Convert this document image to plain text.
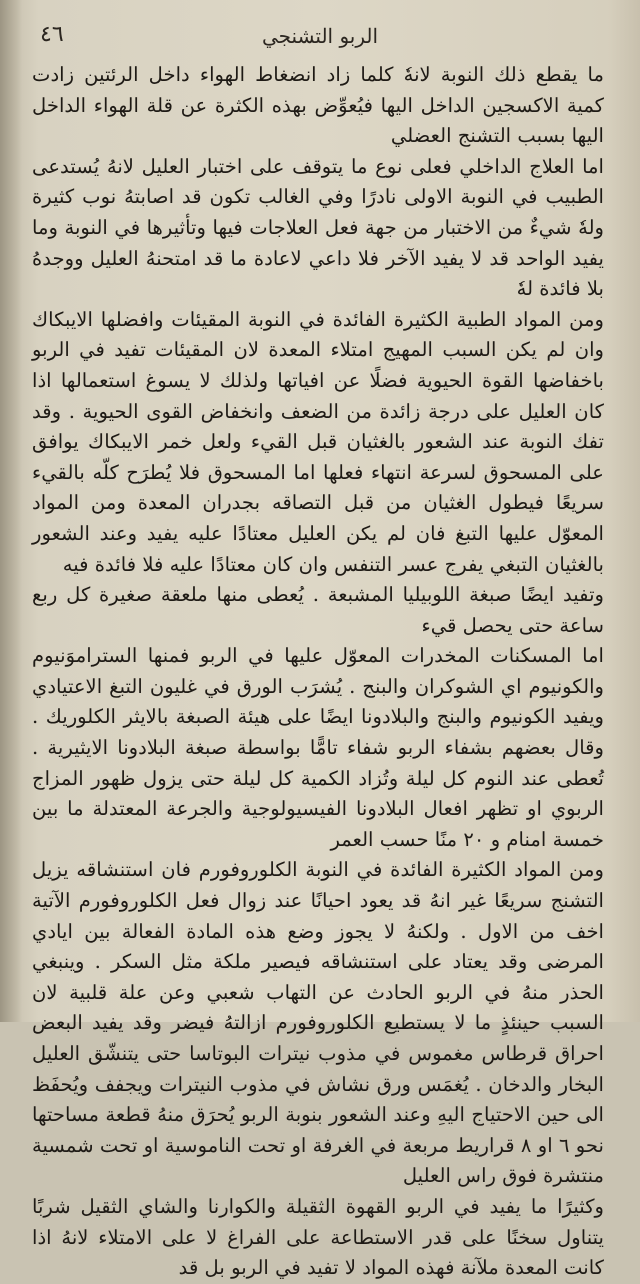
٤٦	الربو التشنجي

ما يقطع ذلك النوبة لانهٗ كلما زاد انضغاط الهواء داخل الرئتين زادت كمية الاكسجين الداخل اليها فيُعوِّض بهذه الكثرة عن قلة الهواء الداخل اليها بسبب التشنج العضلي

اما العلاج الداخلي فعلى نوع ما يتوقف على اختبار العليل لانهُ يُستدعى الطبيب في النوبة الاولى نادرًا وفي الغالب تكون قد اصابتهُ نوب كثيرة ولهٗ شيءٌ من الاختبار من جهة فعل العلاجات فيها وتأثيرها في النوبة وما يفيد الواحد قد لا يفيد الآخر فلا داعي لاعادة ما قد امتحنهُ العليل ووجدهُ بلا فائدة لهٗ

ومن المواد الطبية الكثيرة الفائدة في النوبة المقيئات وافضلها الايبكاك وان لم يكن السبب المهيج امتلاء المعدة لان المقيئات تفيد في الربو باخفاضها القوة الحيوية فضلًا عن افياتها ولذلك لا يسوغ استعمالها اذا كان العليل على درجة زائدة من الضعف وانخفاض القوى الحيوية . وقد تفك النوبة عند الشعور بالغثيان قبل القيء ولعل خمر الايبكاك يوافق على المسحوق لسرعة انتهاء فعلها اما المسحوق فلا يُطرَح كلّه بالقيء سريعًا فيطول الغثيان من قبل التصاقه بجدران المعدة ومن المواد المعوّل عليها التبغ فان لم يكن العليل معتادًا عليه يفيد وعند الشعور بالغثيان التبغي يفرج عسر التنفس وان كان معتادًا عليه فلا فائدة فيه

وتفيد ايضًا صبغة اللوبيليا المشبعة . يُعطى منها ملعقة صغيرة كل ربع ساعة حتى يحصل قيء

اما المسكنات المخدرات المعوّل عليها في الربو فمنها الستراموَنيوم والكونيوم اي الشوكران والبنج . يُشرَب الورق في غليون التبغ الاعتيادي ويفيد الكونيوم والبنج والبلادونا ايضًا على هيئة الصبغة بالايثر الكلوريك . وقال بعضهم بشفاء الربو شفاء تامًّا بواسطة صبغة البلادونا الايثيرية . تُعطى عند النوم كل ليلة وتُزاد الكمية كل ليلة حتى يزول ظهور المزاج الربوي او تظهر افعال البلادونا الفيسيولوجية والجرعة المعتدلة ما بين خمسة امنام و ٢٠ منًا حسب العمر

ومن المواد الكثيرة الفائدة في النوبة الكلوروفورم فان استنشاقه يزيل التشنج سريعًا غير انهُ قد يعود احيانًا عند زوال فعل الكلوروفورم الآتية اخف من الاول . ولكنهُ لا يجوز وضع هذه المادة الفعالة بين ايادي المرضى وقد يعتاد على استنشاقه فيصير ملكة مثل السكر . وينبغي الحذر منهُ في الربو الحادث عن التهاب شعبي وعن علة قلبية لان السبب حينئذٍ ما لا يستطيع الكلوروفورم ازالتهُ فيضر وقد يفيد البعض احراق قرطاس مغموس في مذوب نيترات البوتاسا حتى يتنشّق العليل البخار والدخان . يُغمَس ورق نشاش في مذوب النيترات ويجفف ويُحفَظ الى حين الاحتياج اليهِ وعند الشعور بنوبة الربو يُحرَق منهُ قطعة مساحتها نحو ٦ او ٨ قراريط مربعة في الغرفة او تحت الناموسية او تحت شمسية منتشرة فوق راس العليل

وكثيرًا ما يفيد في الربو القهوة الثقيلة والكوارنا والشاي الثقيل شربًا يتناول سخنًا على قدر الاستطاعة على الفراغ لا على الامتلاء لانهُ اذا كانت المعدة ملآنة فهذه المواد لا تفيد في الربو بل قد
